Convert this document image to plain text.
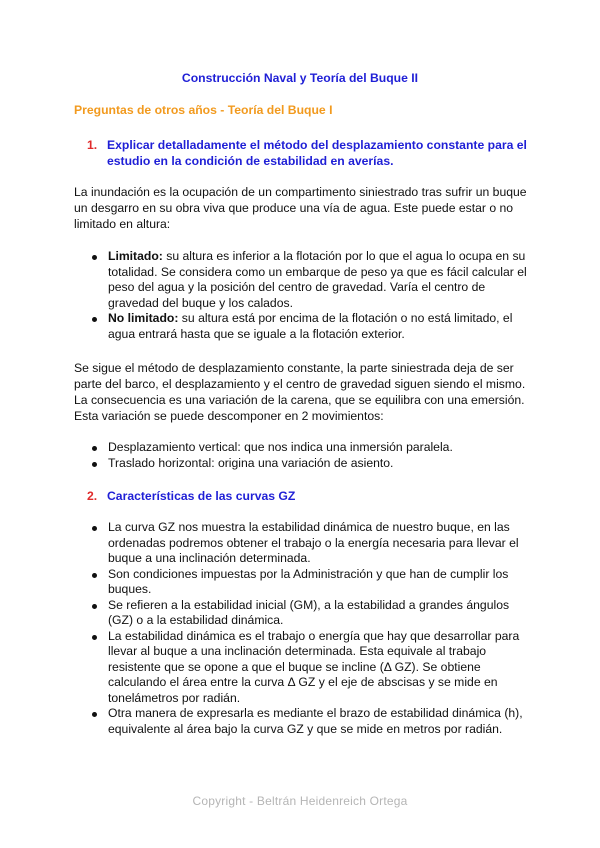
Construcción Naval y Teoría del Buque II
Preguntas de otros años - Teoría del Buque I
1. Explicar detalladamente el método del desplazamiento constante para el estudio en la condición de estabilidad en averías.

La inundación es la ocupación de un compartimento siniestrado tras sufrir un buque un desgarro en su obra viva que produce una vía de agua. Este puede estar o no limitado en altura:

Limitado: su altura es inferior a la flotación por lo que el agua lo ocupa en su totalidad. Se considera como un embarque de peso ya que es fácil calcular el peso del agua y la posición del centro de gravedad. Varía el centro de gravedad del buque y los calados.
No limitado: su altura está por encima de la flotación o no está limitado, el agua entrará hasta que se iguale a la flotación exterior.

Se sigue el método de desplazamiento constante, la parte siniestrada deja de ser parte del barco, el desplazamiento y el centro de gravedad siguen siendo el mismo. La consecuencia es una variación de la carena, que se equilibra con una emersión. Esta variación se puede descomponer en 2 movimientos:

Desplazamiento vertical: que nos indica una inmersión paralela.
Traslado horizontal: origina una variación de asiento.
2. Características de las curvas GZ
La curva GZ nos muestra la estabilidad dinámica de nuestro buque, en las ordenadas podremos obtener el trabajo o la energía necesaria para llevar el buque a una inclinación determinada.
Son condiciones impuestas por la Administración y que han de cumplir los buques.
Se refieren a la estabilidad inicial (GM), a la estabilidad a grandes ángulos (GZ) o a la estabilidad dinámica.
La estabilidad dinámica es el trabajo o energía que hay que desarrollar para llevar al buque a una inclinación determinada. Esta equivale al trabajo resistente que se opone a que el buque se incline (Δ GZ). Se obtiene calculando el área entre la curva Δ GZ y el eje de abscisas y se mide en tonelámetros por radián.
Otra manera de expresarla es mediante el brazo de estabilidad dinámica (h), equivalente al área bajo la curva GZ y que se mide en metros por radián.
Copyright - Beltrán Heidenreich Ortega
